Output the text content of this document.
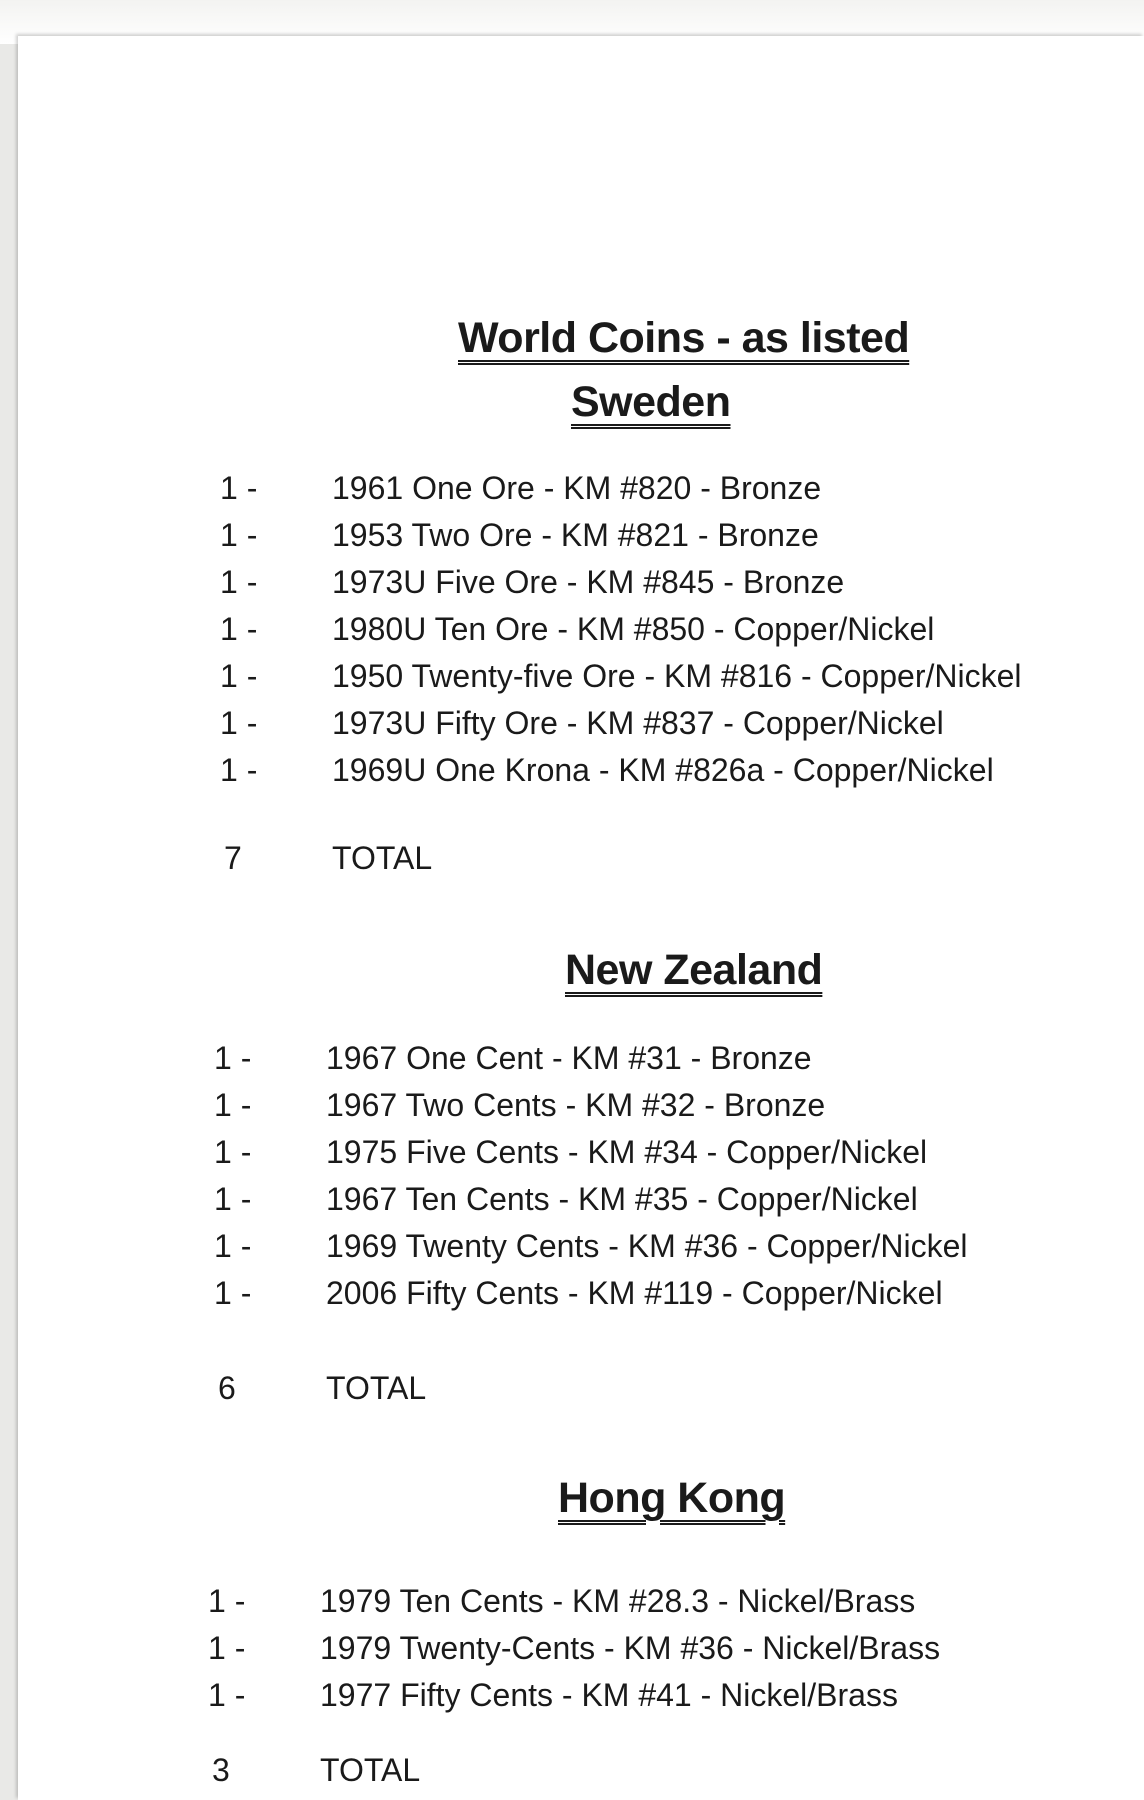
World Coins - as listed
Sweden
1 - 1961 One Ore - KM #820 - Bronze
1 - 1953 Two Ore - KM #821 - Bronze
1 - 1973U Five Ore - KM #845 - Bronze
1 - 1980U Ten Ore - KM #850 - Copper/Nickel
1 - 1950 Twenty-five Ore - KM #816 - Copper/Nickel
1 - 1973U Fifty Ore - KM #837 - Copper/Nickel
1 - 1969U One Krona - KM #826a - Copper/Nickel
7	TOTAL
New Zealand
1 - 1967 One Cent - KM #31 - Bronze
1 - 1967 Two Cents - KM #32 - Bronze
1 - 1975 Five Cents - KM #34 - Copper/Nickel
1 - 1967 Ten Cents - KM #35 - Copper/Nickel
1 - 1969 Twenty Cents - KM #36 - Copper/Nickel
1 - 2006 Fifty Cents - KM #119 - Copper/Nickel
6	TOTAL
Hong Kong
1 - 1979 Ten Cents - KM #28.3 - Nickel/Brass
1 - 1979 Twenty-Cents - KM #36 - Nickel/Brass
1 - 1977 Fifty Cents - KM #41 - Nickel/Brass
3	TOTAL
